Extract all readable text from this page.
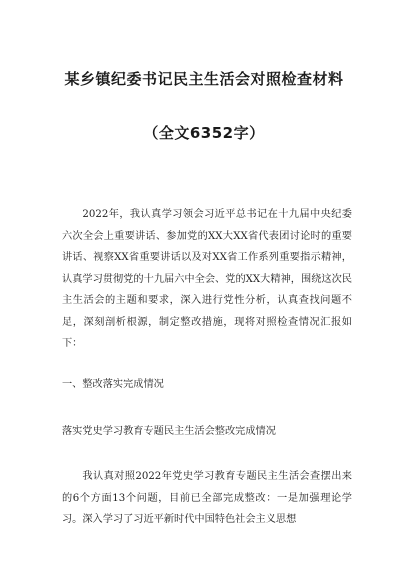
某乡镇纪委书记民主生活会对照检查材料
（全文6352字）

2022年，我认真学习领会习近平总书记在十九届中央纪委六次全会上重要讲话、参加党的XX大XX省代表团讨论时的重要讲话、视察XX省重要讲话以及对XX省工作系列重要指示精神，认真学习贯彻党的十九届六中全会、党的XX大精神，围绕这次民主生活会的主题和要求，深入进行党性分析，认真查找问题不足，深刻剖析根源，制定整改措施，现将对照检查情况汇报如下：

一、整改落实完成情况

落实党史学习教育专题民主生活会整改完成情况

我认真对照2022年党史学习教育专题民主生活会查摆出来的6个方面13个问题，目前已全部完成整改：一是加强理论学习。深入学习了习近平新时代中国特色社会主义思想
